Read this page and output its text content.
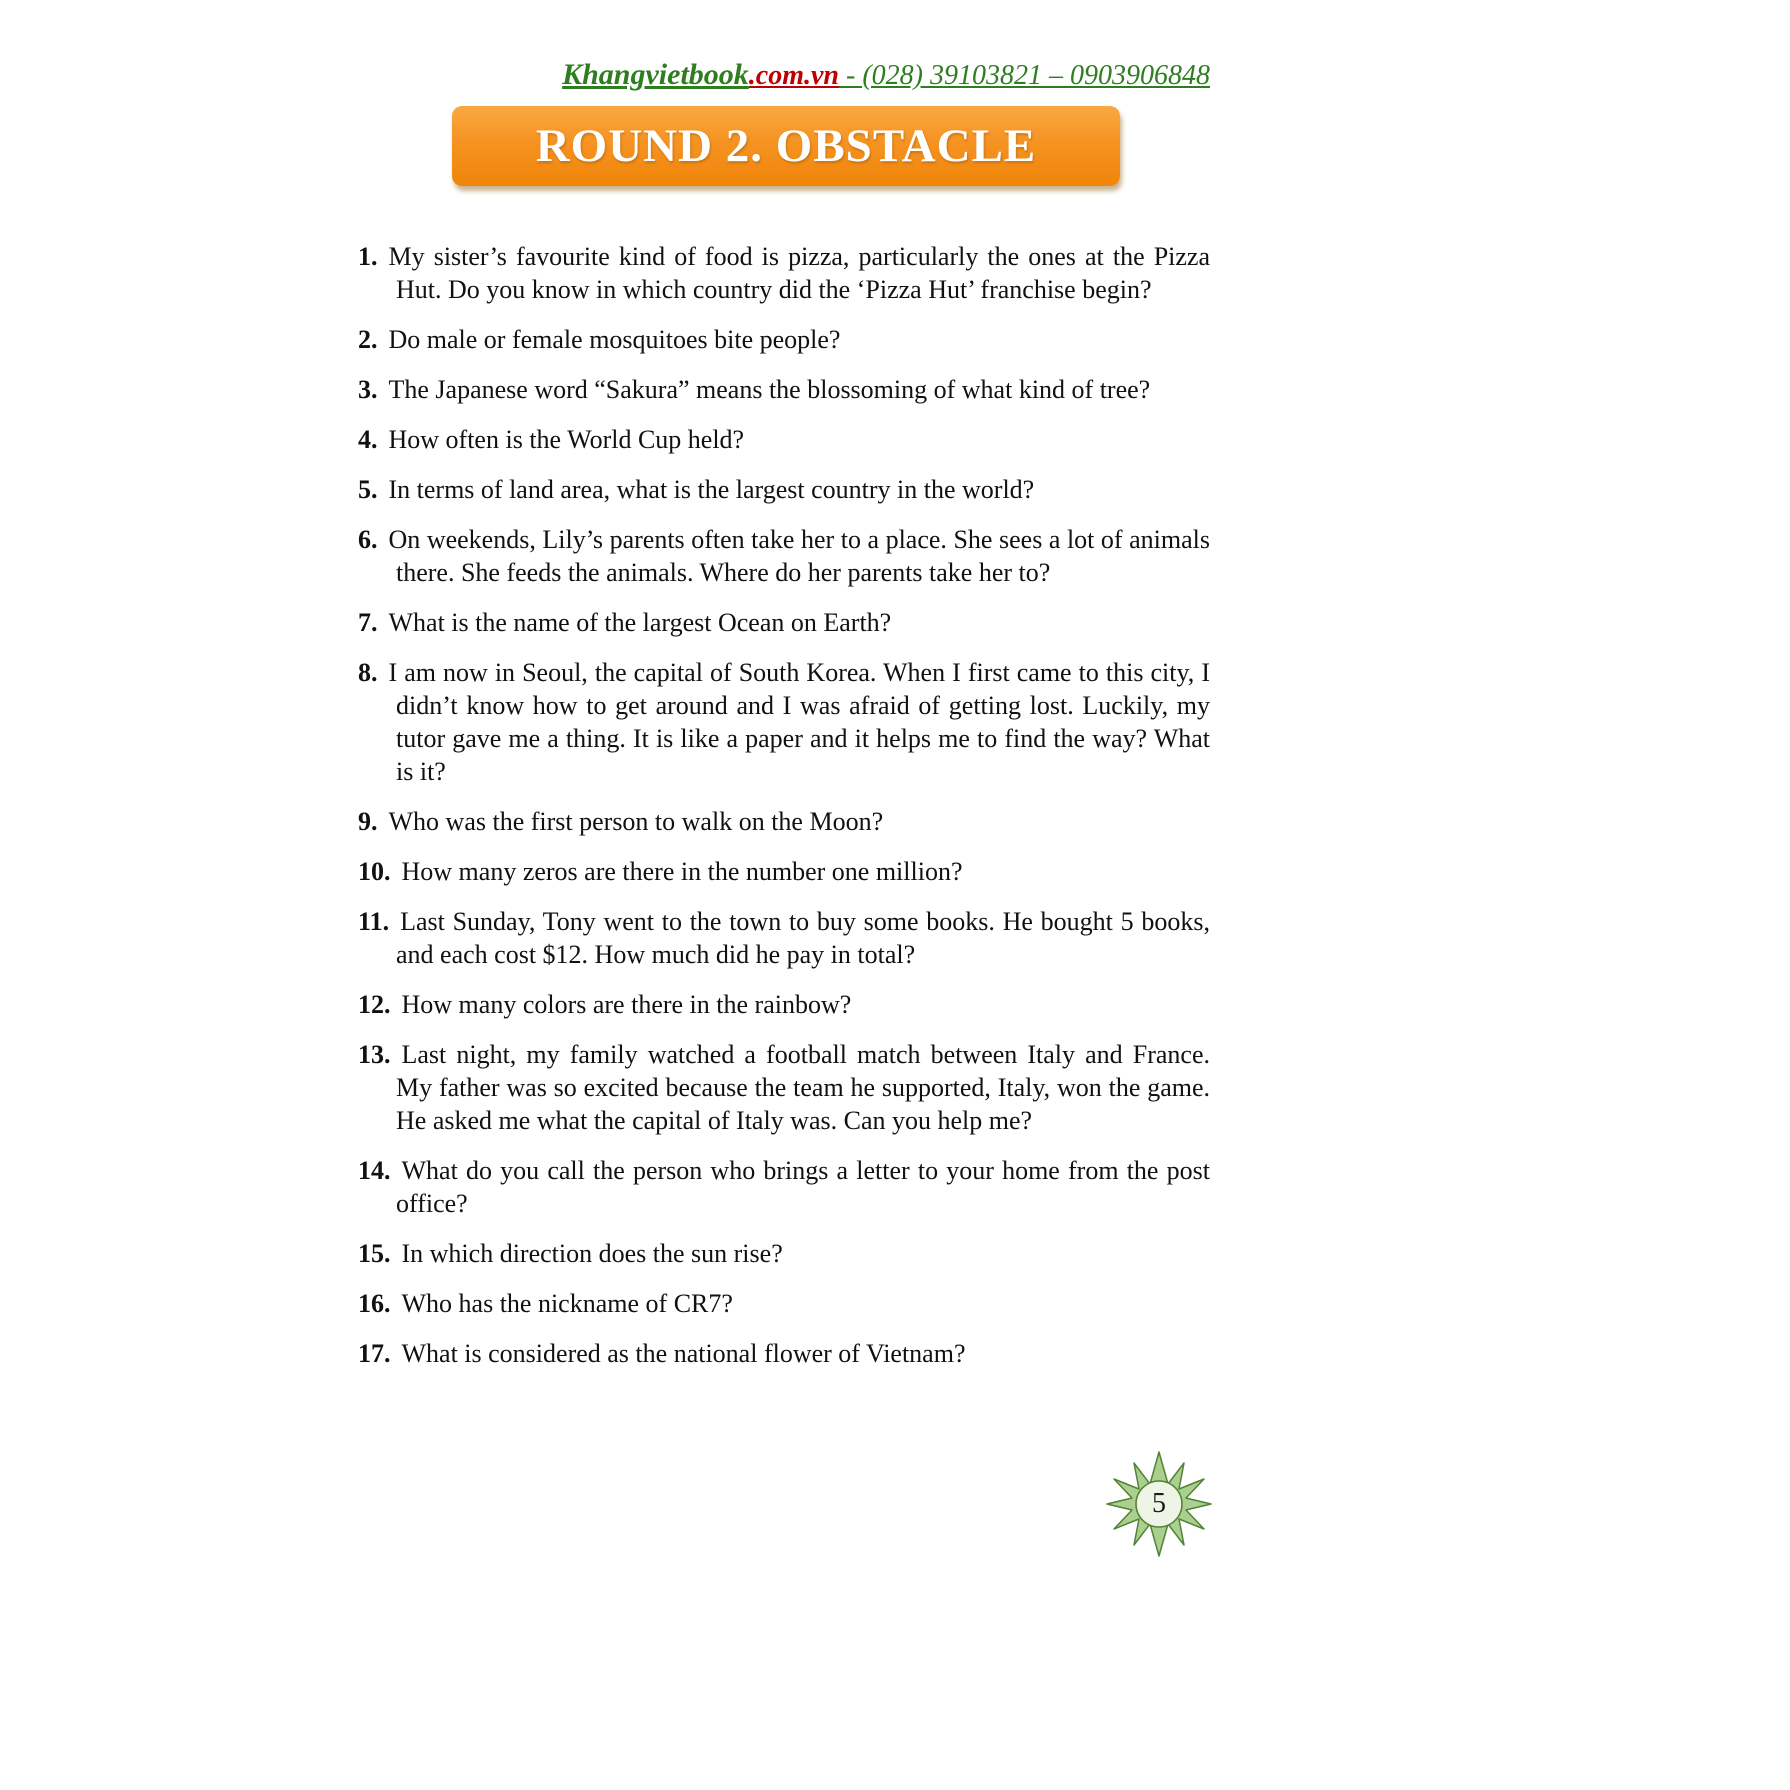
Khangvietbook.com.vn - (028) 39103821 – 0903906848
ROUND 2. OBSTACLE
1. My sister’s favourite kind of food is pizza, particularly the ones at the Pizza Hut. Do you know in which country did the ‘Pizza Hut’ franchise begin?
2. Do male or female mosquitoes bite people?
3. The Japanese word “Sakura” means the blossoming of what kind of tree?
4. How often is the World Cup held?
5. In terms of land area, what is the largest country in the world?
6. On weekends, Lily’s parents often take her to a place. She sees a lot of animals there. She feeds the animals. Where do her parents take her to?
7. What is the name of the largest Ocean on Earth?
8. I am now in Seoul, the capital of South Korea. When I first came to this city, I didn’t know how to get around and I was afraid of getting lost. Luckily, my tutor gave me a thing. It is like a paper and it helps me to find the way? What is it?
9. Who was the first person to walk on the Moon?
10. How many zeros are there in the number one million?
11. Last Sunday, Tony went to the town to buy some books. He bought 5 books, and each cost $12. How much did he pay in total?
12. How many colors are there in the rainbow?
13. Last night, my family watched a football match between Italy and France. My father was so excited because the team he supported, Italy, won the game. He asked me what the capital of Italy was. Can you help me?
14. What do you call the person who brings a letter to your home from the post office?
15. In which direction does the sun rise?
16. Who has the nickname of CR7?
17. What is considered as the national flower of Vietnam?
5
